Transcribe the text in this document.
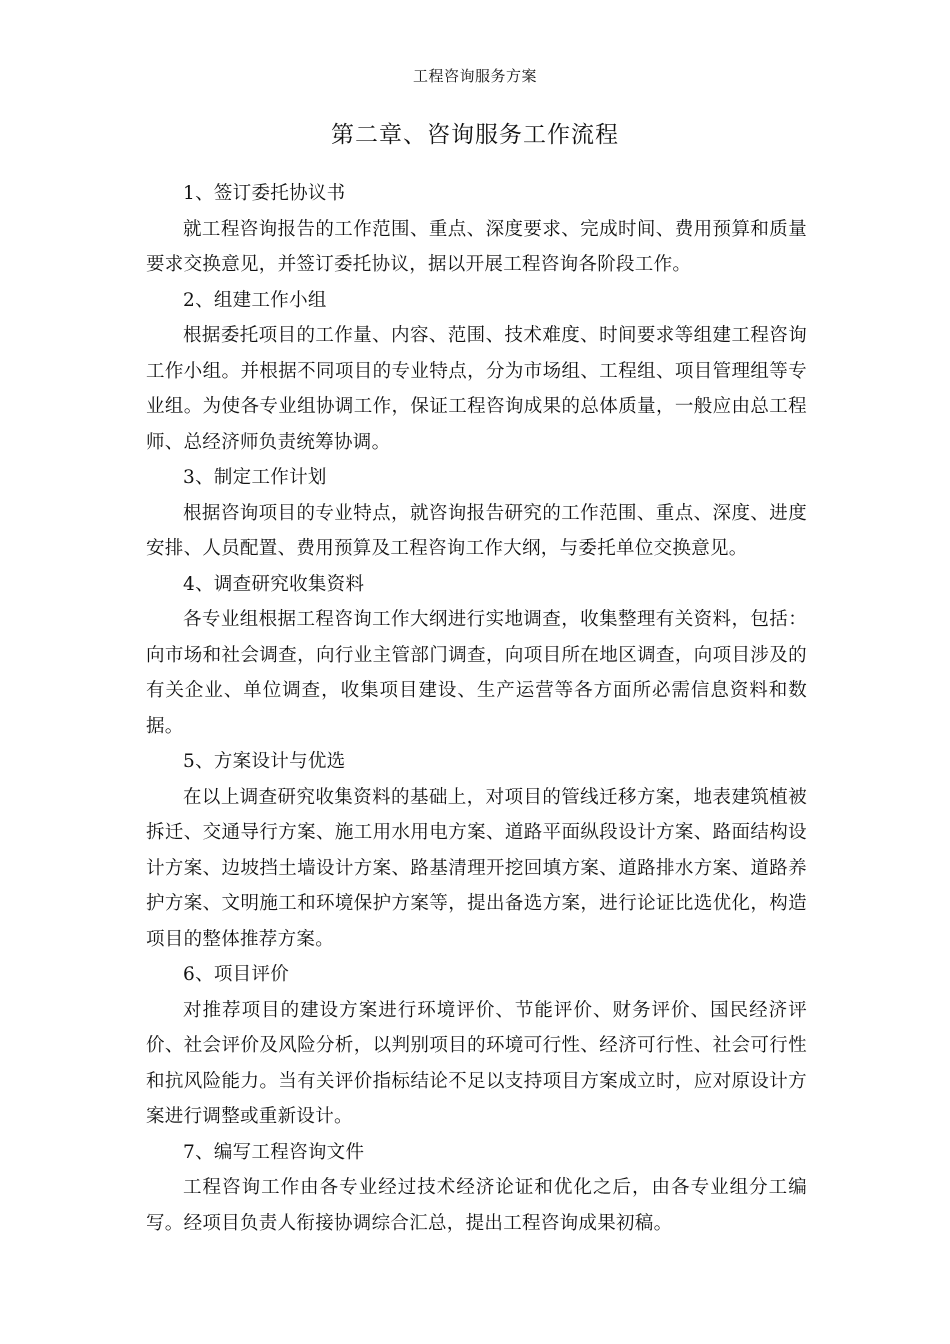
工程咨询服务方案
第二章、咨询服务工作流程

1、签订委托协议书

就工程咨询报告的工作范围、重点、深度要求、完成时间、费用预算和质量要求交换意见，并签订委托协议，据以开展工程咨询各阶段工作。

2、组建工作小组

根据委托项目的工作量、内容、范围、技术难度、时间要求等组建工程咨询工作小组。并根据不同项目的专业特点，分为市场组、工程组、项目管理组等专业组。为使各专业组协调工作，保证工程咨询成果的总体质量，一般应由总工程师、总经济师负责统筹协调。

3、制定工作计划

根据咨询项目的专业特点，就咨询报告研究的工作范围、重点、深度、进度安排、人员配置、费用预算及工程咨询工作大纲，与委托单位交换意见。

4、调查研究收集资料

各专业组根据工程咨询工作大纲进行实地调查，收集整理有关资料，包括：向市场和社会调查，向行业主管部门调查，向项目所在地区调查，向项目涉及的有关企业、单位调查，收集项目建设、生产运营等各方面所必需信息资料和数据。

5、方案设计与优选

在以上调查研究收集资料的基础上，对项目的管线迁移方案，地表建筑植被拆迁、交通导行方案、施工用水用电方案、道路平面纵段设计方案、路面结构设计方案、边坡挡土墙设计方案、路基清理开挖回填方案、道路排水方案、道路养护方案、文明施工和环境保护方案等，提出备选方案，进行论证比选优化，构造项目的整体推荐方案。

6、项目评价

对推荐项目的建设方案进行环境评价、节能评价、财务评价、国民经济评价、社会评价及风险分析，以判别项目的环境可行性、经济可行性、社会可行性和抗风险能力。当有关评价指标结论不足以支持项目方案成立时，应对原设计方案进行调整或重新设计。

7、编写工程咨询文件

工程咨询工作由各专业经过技术经济论证和优化之后，由各专业组分工编写。经项目负责人衔接协调综合汇总，提出工程咨询成果初稿。
